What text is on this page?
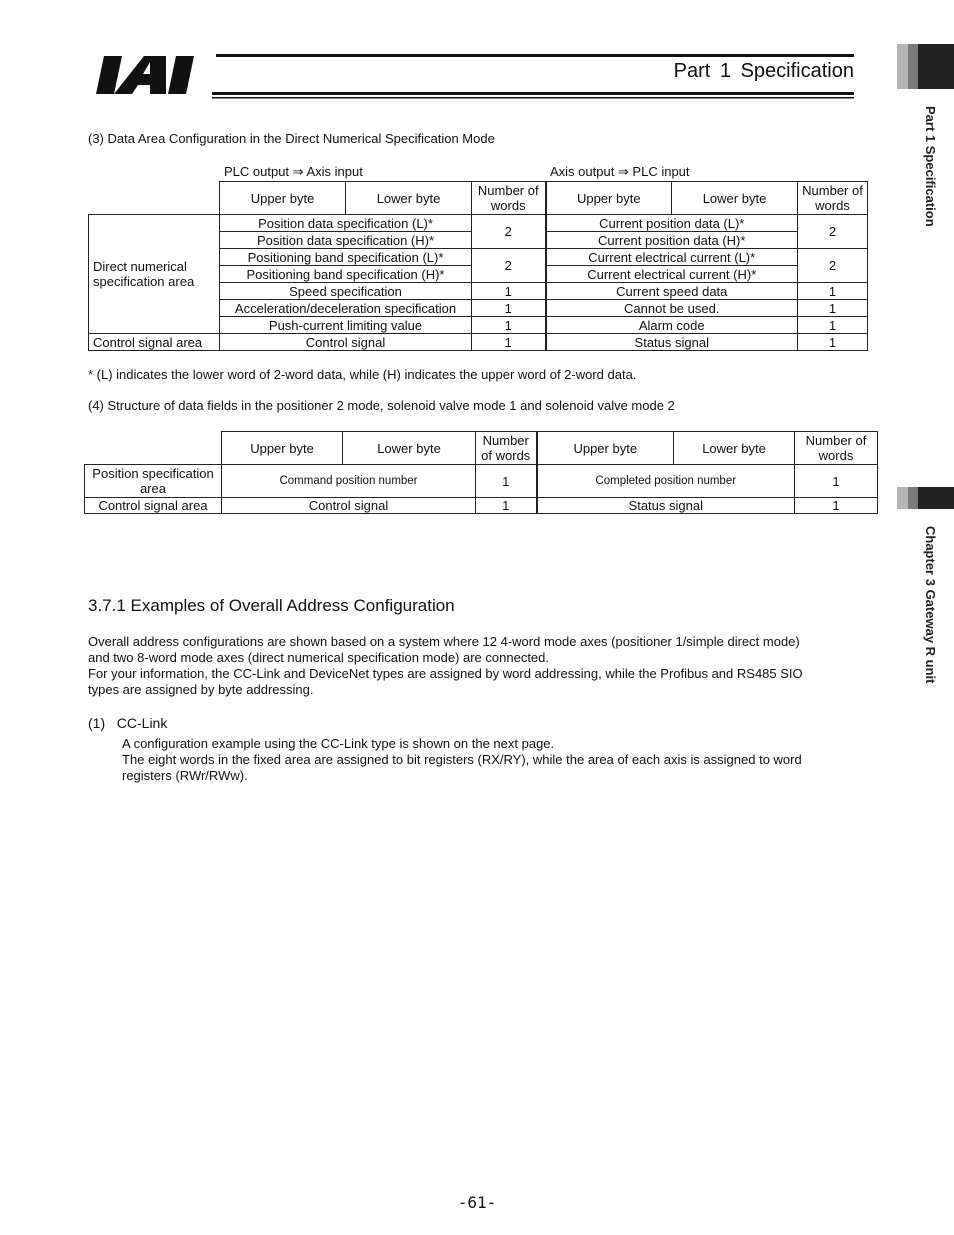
Part 1 Specification
Part 1 Specification
Chapter 3 Gateway R unit
(3) Data Area Configuration in the Direct Numerical Specification Mode
PLC output ⇒ Axis input	Axis output ⇒ PLC input
	Upper byte	Lower byte	Number of words	Upper byte	Lower byte	Number of words
Direct numerical specification area	Position data specification (L)*		2	Current position data (L)*		2
	Position data specification (H)*			Current position data (H)*		
	Positioning band specification (L)*		2	Current electrical current (L)*		2
	Positioning band specification (H)*			Current electrical current (H)*		
	Speed specification		1	Current speed data		1
	Acceleration/deceleration specification		1	Cannot be used.		1
	Push-current limiting value		1	Alarm code		1
Control signal area	Control signal		1	Status signal		1
* (L) indicates the lower word of 2-word data, while (H) indicates the upper word of 2-word data.
(4) Structure of data fields in the positioner 2 mode, solenoid valve mode 1 and solenoid valve mode 2
	Upper byte	Lower byte	Number of words	Upper byte	Lower byte	Number of words
Position specification area	Command position number		1	Completed position number		1
Control signal area	Control signal		1	Status signal		1
3.7.1 Examples of Overall Address Configuration
Overall address configurations are shown based on a system where 12 4-word mode axes (positioner 1/simple direct mode)
and two 8-word mode axes (direct numerical specification mode) are connected.
For your information, the CC-Link and DeviceNet types are assigned by word addressing, while the Profibus and RS485 SIO
types are assigned by byte addressing.
(1)   CC-Link
A configuration example using the CC-Link type is shown on the next page.
The eight words in the fixed area are assigned to bit registers (RX/RY), while the area of each axis is assigned to word
registers (RWr/RWw).
-61-
